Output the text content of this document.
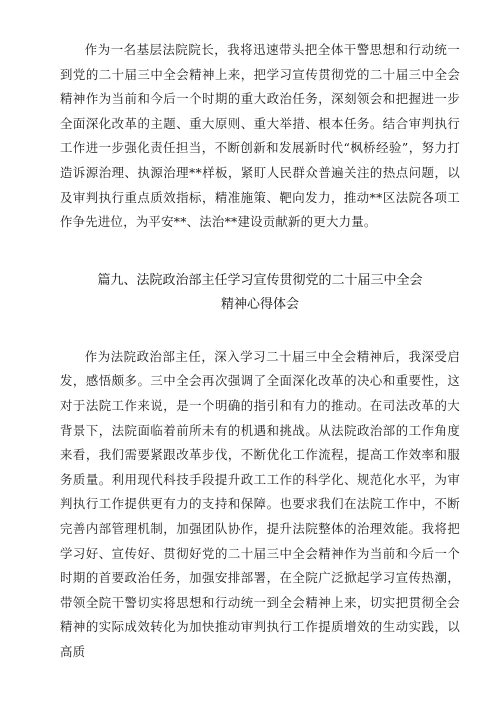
作为一名基层法院院长，我将迅速带头把全体干警思想和行动统一到党的二十届三中全会精神上来，把学习宣传贯彻党的二十届三中全会精神作为当前和今后一个时期的重大政治任务，深刻领会和把握进一步全面深化改革的主题、重大原则、重大举措、根本任务。结合审判执行工作进一步强化责任担当，不断创新和发展新时代“枫桥经验”，努力打造诉源治理、执源治理**样板，紧盯人民群众普遍关注的热点问题，以及审判执行重点质效指标，精准施策、靶向发力，推动**区法院各项工作争先进位，为平安**、法治**建设贡献新的更大力量。

篇九、法院政治部主任学习宣传贯彻党的二十届三中全会
精神心得体会

作为法院政治部主任，深入学习二十届三中全会精神后，我深受启发，感悟颇多。三中全会再次强调了全面深化改革的决心和重要性，这对于法院工作来说，是一个明确的指引和有力的推动。在司法改革的大背景下，法院面临着前所未有的机遇和挑战。从法院政治部的工作角度来看，我们需要紧跟改革步伐，不断优化工作流程，提高工作效率和服务质量。利用现代科技手段提升政工工作的科学化、规范化水平，为审判执行工作提供更有力的支持和保障。也要求我们在法院工作中，不断完善内部管理机制，加强团队协作，提升法院整体的治理效能。我将把学习好、宣传好、贯彻好党的二十届三中全会精神作为当前和今后一个时期的首要政治任务，加强安排部署，在全院广泛掀起学习宣传热潮，带领全院干警切实将思想和行动统一到全会精神上来，切实把贯彻全会精神的实际成效转化为加快推动审判执行工作提质增效的生动实践，以高质
